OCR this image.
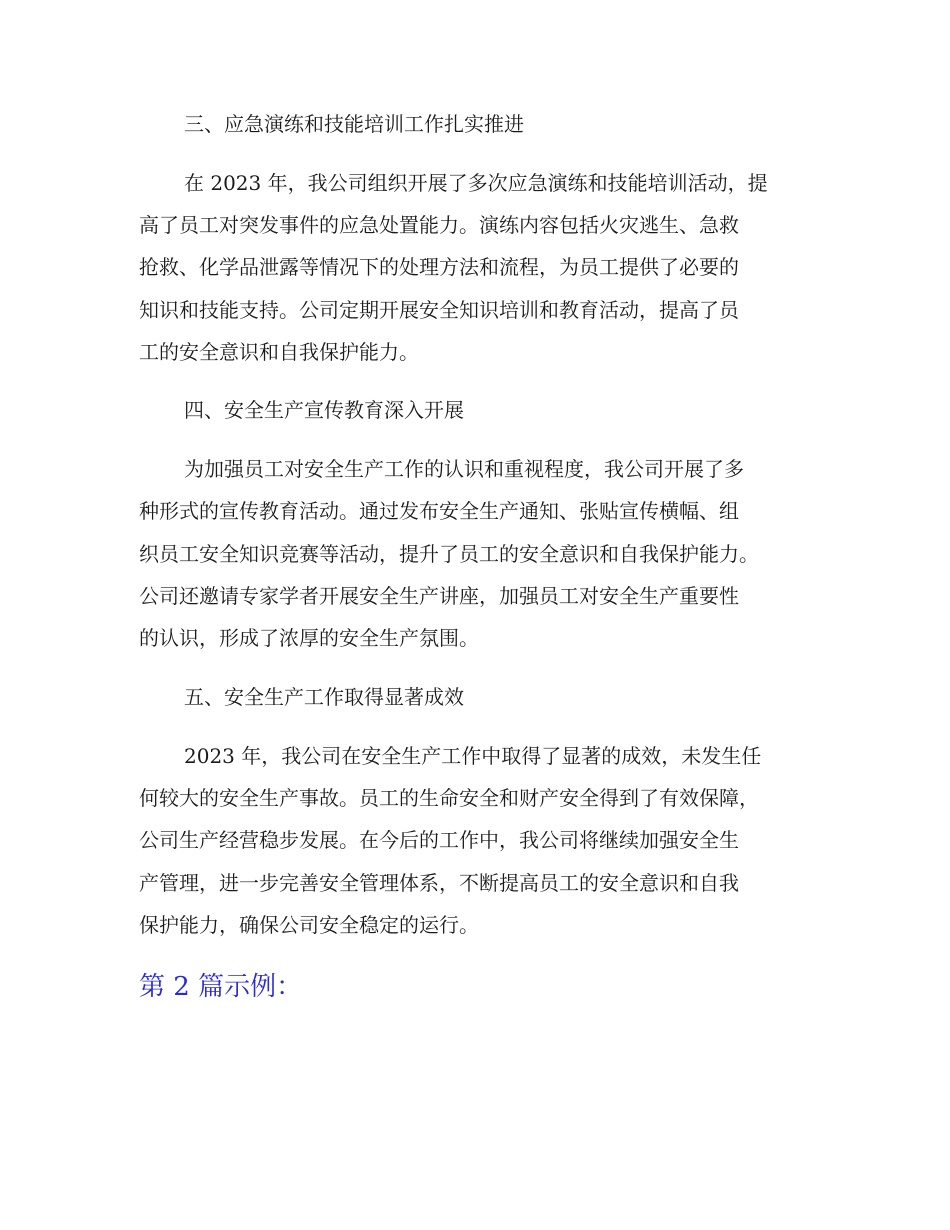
三、应急演练和技能培训工作扎实推进
在 2023 年，我公司组织开展了多次应急演练和技能培训活动，提
高了员工对突发事件的应急处置能力。演练内容包括火灾逃生、急救
抢救、化学品泄露等情况下的处理方法和流程，为员工提供了必要的
知识和技能支持。公司定期开展安全知识培训和教育活动，提高了员
工的安全意识和自我保护能力。
四、安全生产宣传教育深入开展
为加强员工对安全生产工作的认识和重视程度，我公司开展了多
种形式的宣传教育活动。通过发布安全生产通知、张贴宣传横幅、组
织员工安全知识竞赛等活动，提升了员工的安全意识和自我保护能力。
公司还邀请专家学者开展安全生产讲座，加强员工对安全生产重要性
的认识，形成了浓厚的安全生产氛围。
五、安全生产工作取得显著成效
2023 年，我公司在安全生产工作中取得了显著的成效，未发生任
何较大的安全生产事故。员工的生命安全和财产安全得到了有效保障，
公司生产经营稳步发展。在今后的工作中，我公司将继续加强安全生
产管理，进一步完善安全管理体系，不断提高员工的安全意识和自我
保护能力，确保公司安全稳定的运行。
第 2 篇示例：
